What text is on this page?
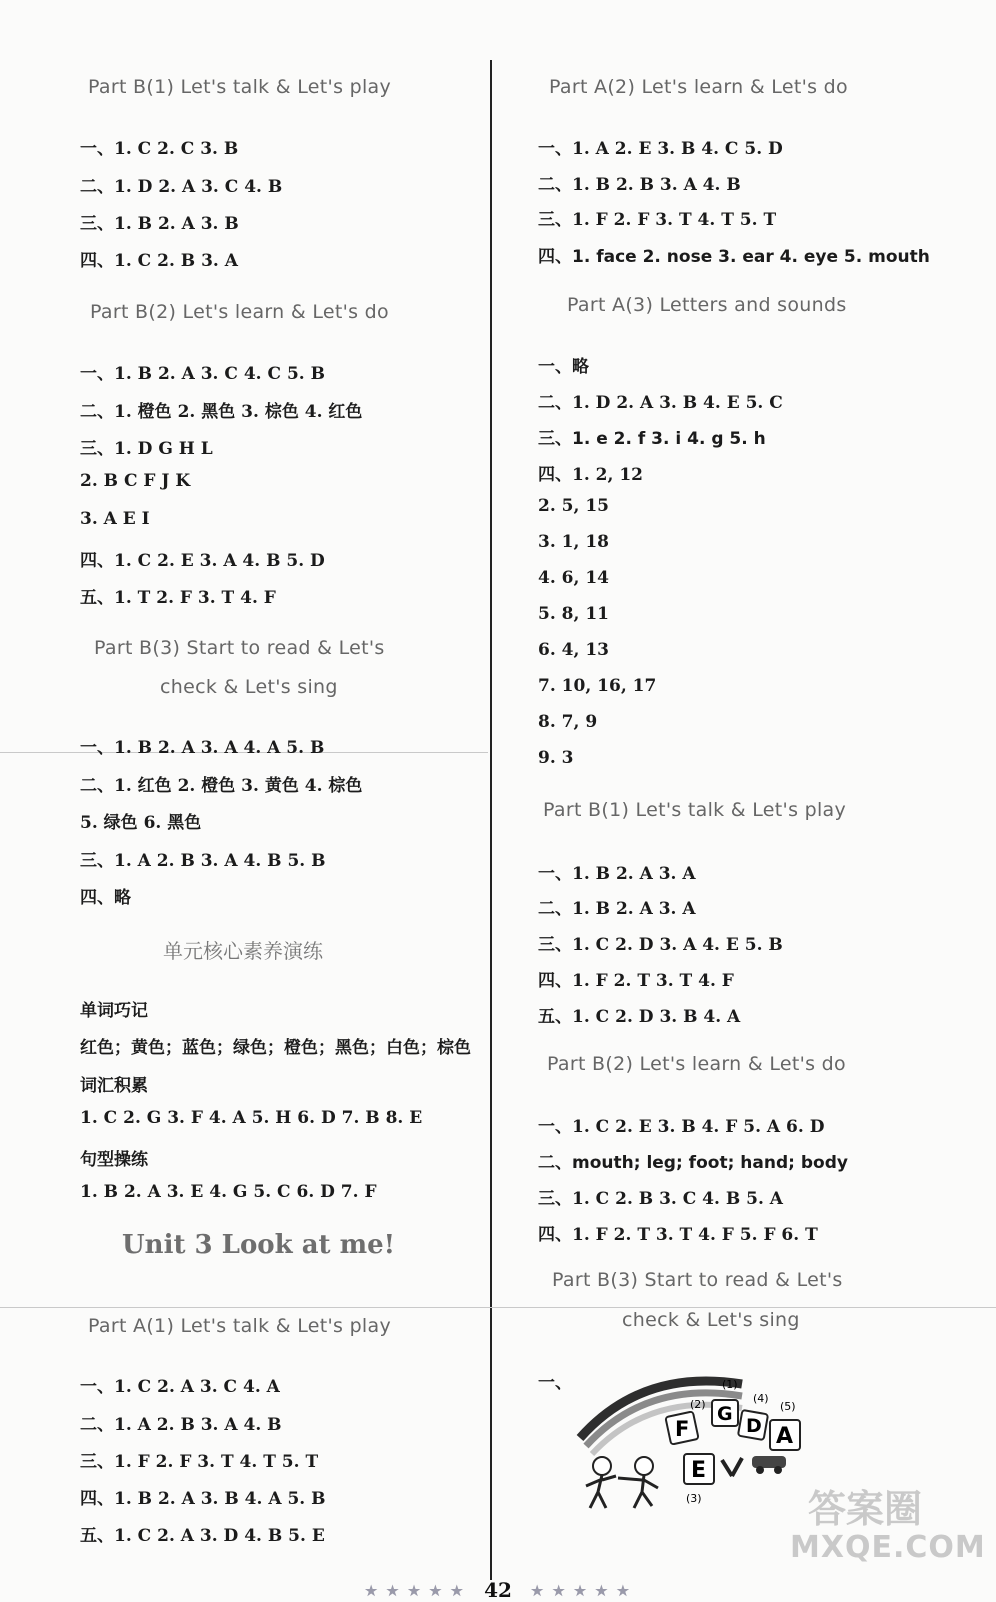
Part B(1) Let's talk & Let's play
一、1. C 2. C 3. B
二、1. D 2. A 3. C 4. B
三、1. B 2. A 3. B
四、1. C 2. B 3. A
Part B(2) Let's learn & Let's do
一、1. B 2. A 3. C 4. C 5. B
二、1. 橙色 2. 黑色 3. 棕色 4. 红色
三、1. D G H L
2. B C F J K
3. A E I
四、1. C 2. E 3. A 4. B 5. D
五、1. T 2. F 3. T 4. F
Part B(3) Start to read & Let's
check & Let's sing
一、1. B 2. A 3. A 4. A 5. B
二、1. 红色 2. 橙色 3. 黄色 4. 棕色
5. 绿色 6. 黑色
三、1. A 2. B 3. A 4. B 5. B
四、略
单元核心素养演练
单词巧记
红色；黄色；蓝色；绿色；橙色；黑色；白色；棕色
词汇积累
1. C 2. G 3. F 4. A 5. H 6. D 7. B 8. E
句型操练
1. B 2. A 3. E 4. G 5. C 6. D 7. F
Unit 3 Look at me!
Part A(1) Let's talk & Let's play
一、1. C 2. A 3. C 4. A
二、1. A 2. B 3. A 4. B
三、1. F 2. F 3. T 4. T 5. T
四、1. B 2. A 3. B 4. A 5. B
五、1. C 2. A 3. D 4. B 5. E
Part A(2) Let's learn & Let's do
一、1. A 2. E 3. B 4. C 5. D
二、1. B 2. B 3. A 4. B
三、1. F 2. F 3. T 4. T 5. T
四、1. face 2. nose 3. ear 4. eye 5. mouth
Part A(3) Letters and sounds
一、略
二、1. D 2. A 3. B 4. E 5. C
三、1. e 2. f 3. i 4. g 5. h
四、1. 2, 12
2. 5, 15
3. 1, 18
4. 6, 14
5. 8, 11
6. 4, 13
7. 10, 16, 17
8. 7, 9
9. 3
Part B(1) Let's talk & Let's play
一、1. B 2. A 3. A
二、1. B 2. A 3. A
三、1. C 2. D 3. A 4. E 5. B
四、1. F 2. T 3. T 4. F
五、1. C 2. D 3. B 4. A
Part B(2) Let's learn & Let's do
一、1. C 2. E 3. B 4. F 5. A 6. D
二、mouth; leg; foot; hand; body
三、1. C 2. B 3. C 4. B 5. A
四、1. F 2. T 3. T 4. F 5. F 6. T
Part B(3) Start to read & Let's
check & Let's sing
一、
F
G
D A
E
(2)
(1)
(4)
(5)
(3)
★ ★ ★ ★ ★ 42 ★ ★ ★ ★ ★
答案圈
MXQE.COM
